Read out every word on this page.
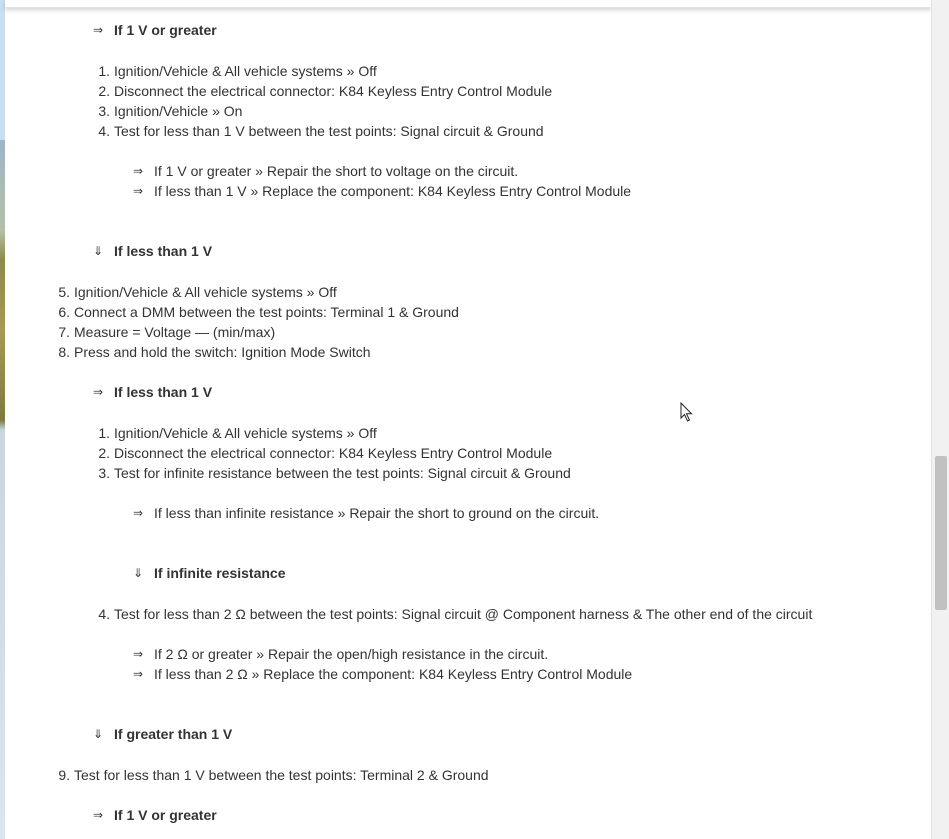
⇒ If 1 V or greater
1. Ignition/Vehicle & All vehicle systems » Off
2. Disconnect the electrical connector: K84 Keyless Entry Control Module
3. Ignition/Vehicle » On
4. Test for less than 1 V between the test points: Signal circuit & Ground
⇒ If 1 V or greater » Repair the short to voltage on the circuit.
⇒ If less than 1 V » Replace the component: K84 Keyless Entry Control Module
⇓ If less than 1 V
5. Ignition/Vehicle & All vehicle systems » Off
6. Connect a DMM between the test points: Terminal 1 & Ground
7. Measure = Voltage — (min/max)
8. Press and hold the switch: Ignition Mode Switch
⇒ If less than 1 V
1. Ignition/Vehicle & All vehicle systems » Off
2. Disconnect the electrical connector: K84 Keyless Entry Control Module
3. Test for infinite resistance between the test points: Signal circuit & Ground
⇒ If less than infinite resistance » Repair the short to ground on the circuit.
⇓ If infinite resistance
4. Test for less than 2 Ω between the test points: Signal circuit @ Component harness & The other end of the circuit
⇒ If 2 Ω or greater » Repair the open/high resistance in the circuit.
⇒ If less than 2 Ω » Replace the component: K84 Keyless Entry Control Module
⇓ If greater than 1 V
9. Test for less than 1 V between the test points: Terminal 2 & Ground
⇒ If 1 V or greater
